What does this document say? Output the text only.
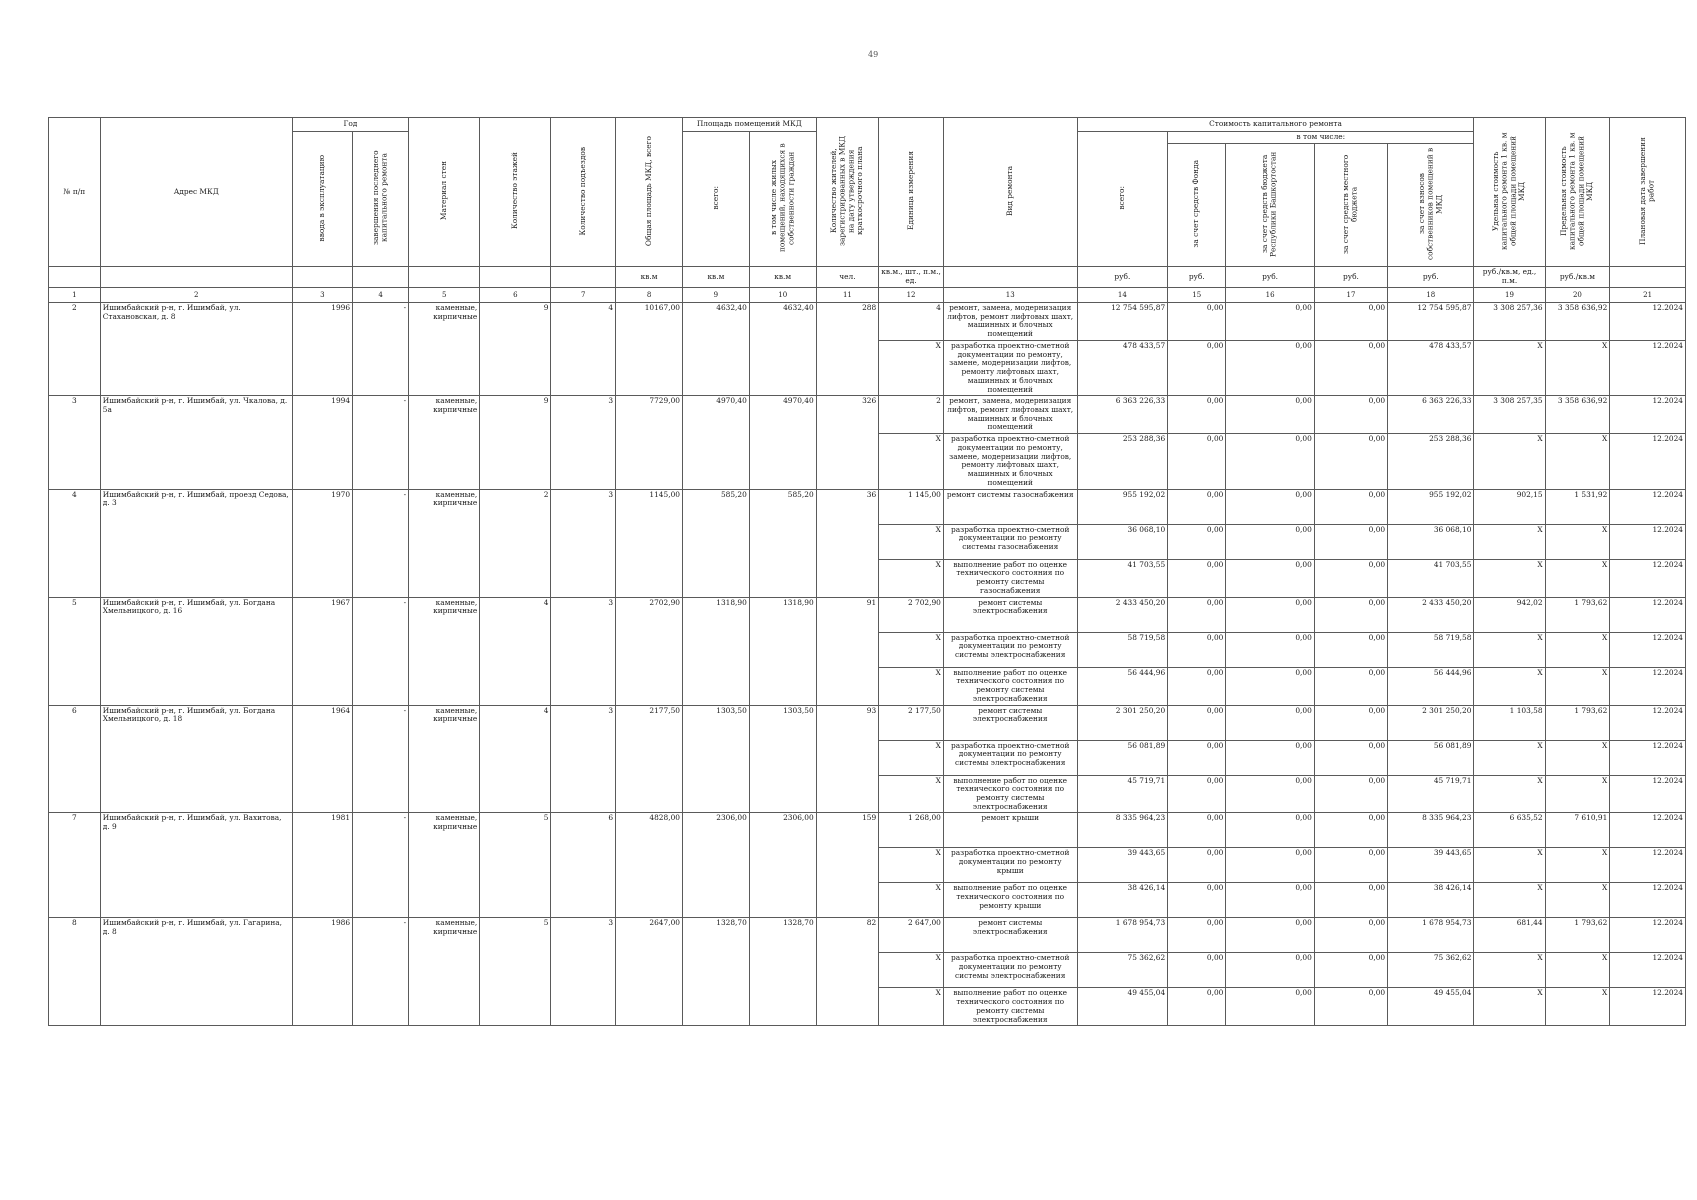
49
№ п/п	Адрес МКД	Год		Материал стен	Количество этажей	Количество подъездов	Общая площадь МКД, всего	Площадь помещений МКД		Количество жителей, зарегистрированных в МКД на дату утверждения краткосрочного плана	Единица измерения	Вид ремонта	Стоимость капитального ремонта					Удельная стоимость капитального ремонта 1 кв. м общей площади помещений МКД	Предельная стоимость капитального ремонта 1 кв. м общей площади помещений МКД	Плановая дата завершения работ
		ввода в эксплуатацию	завершения последнего капитального ремонта					всего:	в том числе жилых помещений, находящихся в собственности граждан				всего:	в том числе:						
														за счет средств Фонда	за счет средств бюджета Республики Башкортостан	за счет средств местного бюджета	за счет взносов собственников помещений в МКД			
							кв.м	кв.м	кв.м	чел.	кв.м., шт., п.м., ед.		руб.	руб.	руб.	руб.	руб.	руб./кв.м, ед., п.м.	руб./кв.м	
1	2	3	4	5	6	7	8	9	10	11	12	13	14	15	16	17	18	19	20	21
2	Ишимбайский р-н, г. Ишимбай, ул. Стахановская, д. 8	1996	-	каменные, кирпичные	9	4	10167,00	4632,40	4632,40	288	4	ремонт, замена, модернизация лифтов, ремонт лифтовых шахт, машинных и блочных помещений	12 754 595,87	0,00	0,00	0,00	12 754 595,87	3 308 257,36	3 358 636,92	12.2024
											X	разработка проектно-сметной документации по ремонту, замене, модернизации лифтов, ремонту лифтовых шахт, машинных и блочных помещений	478 433,57	0,00	0,00	0,00	478 433,57	X	X	12.2024
3	Ишимбайский р-н, г. Ишимбай, ул. Чкалова, д. 5а	1994	-	каменные, кирпичные	9	3	7729,00	4970,40	4970,40	326	2	ремонт, замена, модернизация лифтов, ремонт лифтовых шахт, машинных и блочных помещений	6 363 226,33	0,00	0,00	0,00	6 363 226,33	3 308 257,35	3 358 636,92	12.2024
											X	разработка проектно-сметной документации по ремонту, замене, модернизации лифтов, ремонту лифтовых шахт, машинных и блочных помещений	253 288,36	0,00	0,00	0,00	253 288,36	X	X	12.2024
4	Ишимбайский р-н, г. Ишимбай, проезд Седова, д. 3	1970	-	каменные, кирпичные	2	3	1145,00	585,20	585,20	36	1 145,00	ремонт системы газоснабжения	955 192,02	0,00	0,00	0,00	955 192,02	902,15	1 531,92	12.2024
											X	разработка проектно-сметной документации по ремонту системы газоснабжения	36 068,10	0,00	0,00	0,00	36 068,10	X	X	12.2024
											X	выполнение работ по оценке технического состояния по ремонту системы газоснабжения	41 703,55	0,00	0,00	0,00	41 703,55	X	X	12.2024
5	Ишимбайский р-н, г. Ишимбай, ул. Богдана Хмельницкого, д. 16	1967	-	каменные, кирпичные	4	3	2702,90	1318,90	1318,90	91	2 702,90	ремонт системы электроснабжения	2 433 450,20	0,00	0,00	0,00	2 433 450,20	942,02	1 793,62	12.2024
											X	разработка проектно-сметной документации по ремонту системы электроснабжения	58 719,58	0,00	0,00	0,00	58 719,58	X	X	12.2024
											X	выполнение работ по оценке технического состояния по ремонту системы электроснабжения	56 444,96	0,00	0,00	0,00	56 444,96	X	X	12.2024
6	Ишимбайский р-н, г. Ишимбай, ул. Богдана Хмельницкого, д. 18	1964	-	каменные, кирпичные	4	3	2177,50	1303,50	1303,50	93	2 177,50	ремонт системы электроснабжения	2 301 250,20	0,00	0,00	0,00	2 301 250,20	1 103,58	1 793,62	12.2024
											X	разработка проектно-сметной документации по ремонту системы электроснабжения	56 081,89	0,00	0,00	0,00	56 081,89	X	X	12.2024
											X	выполнение работ по оценке технического состояния по ремонту системы электроснабжения	45 719,71	0,00	0,00	0,00	45 719,71	X	X	12.2024
7	Ишимбайский р-н, г. Ишимбай, ул. Вахитова, д. 9	1981	-	каменные, кирпичные	5	6	4828,00	2306,00	2306,00	159	1 268,00	ремонт крыши	8 335 964,23	0,00	0,00	0,00	8 335 964,23	6 635,52	7 610,91	12.2024
											X	разработка проектно-сметной документации по ремонту крыши	39 443,65	0,00	0,00	0,00	39 443,65	X	X	12.2024
											X	выполнение работ по оценке технического состояния по ремонту крыши	38 426,14	0,00	0,00	0,00	38 426,14	X	X	12.2024
8	Ишимбайский р-н, г. Ишимбай, ул. Гагарина, д. 8	1986	-	каменные, кирпичные	5	3	2647,00	1328,70	1328,70	82	2 647,00	ремонт системы электроснабжения	1 678 954,73	0,00	0,00	0,00	1 678 954,73	681,44	1 793,62	12.2024
											X	разработка проектно-сметной документации по ремонту системы электроснабжения	75 362,62	0,00	0,00	0,00	75 362,62	X	X	12.2024
											X	выполнение работ по оценке технического состояния по ремонту системы электроснабжения	49 455,04	0,00	0,00	0,00	49 455,04	X	X	12.2024
